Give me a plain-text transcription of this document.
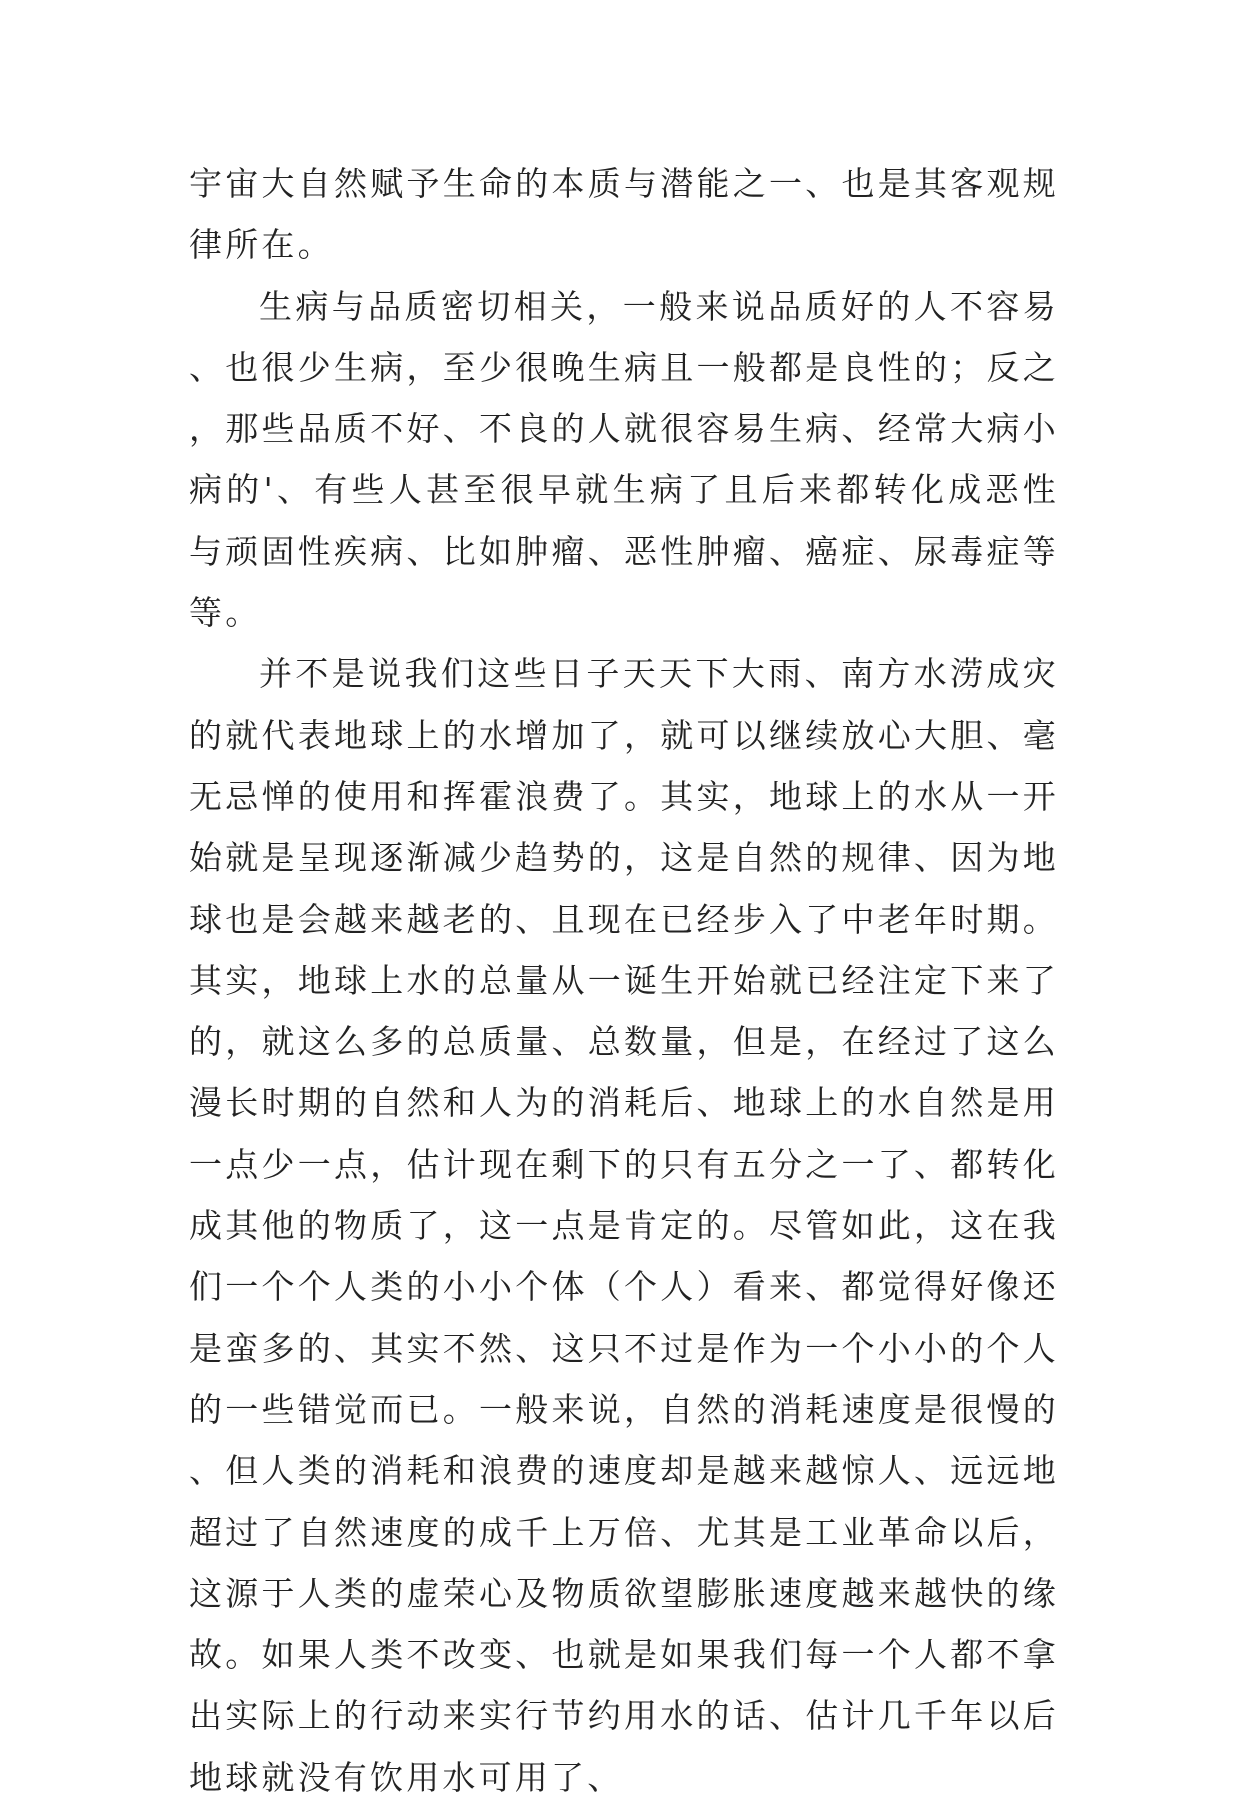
宇宙大自然赋予生命的本质与潜能之一、也是其客观规律所在。

生病与品质密切相关，一般来说品质好的人不容易、也很少生病，至少很晚生病且一般都是良性的；反之，那些品质不好、不良的人就很容易生病、经常大病小病的'、有些人甚至很早就生病了且后来都转化成恶性与顽固性疾病、比如肿瘤、恶性肿瘤、癌症、尿毒症等等。

并不是说我们这些日子天天下大雨、南方水涝成灾的就代表地球上的水增加了，就可以继续放心大胆、毫无忌惮的使用和挥霍浪费了。其实，地球上的水从一开始就是呈现逐渐减少趋势的，这是自然的规律、因为地球也是会越来越老的、且现在已经步入了中老年时期。其实，地球上水的总量从一诞生开始就已经注定下来了的，就这么多的总质量、总数量，但是，在经过了这么漫长时期的自然和人为的消耗后、地球上的水自然是用一点少一点，估计现在剩下的只有五分之一了、都转化成其他的物质了，这一点是肯定的。尽管如此，这在我们一个个人类的小小个体（个人）看来、都觉得好像还是蛮多的、其实不然、这只不过是作为一个小小的个人的一些错觉而已。一般来说，自然的消耗速度是很慢的、但人类的消耗和浪费的速度却是越来越惊人、远远地超过了自然速度的成千上万倍、尤其是工业革命以后，这源于人类的虚荣心及物质欲望膨胀速度越来越快的缘故。如果人类不改变、也就是如果我们每一个人都不拿出实际上的行动来实行节约用水的话、估计几千年以后地球就没有饮用水可用了、
